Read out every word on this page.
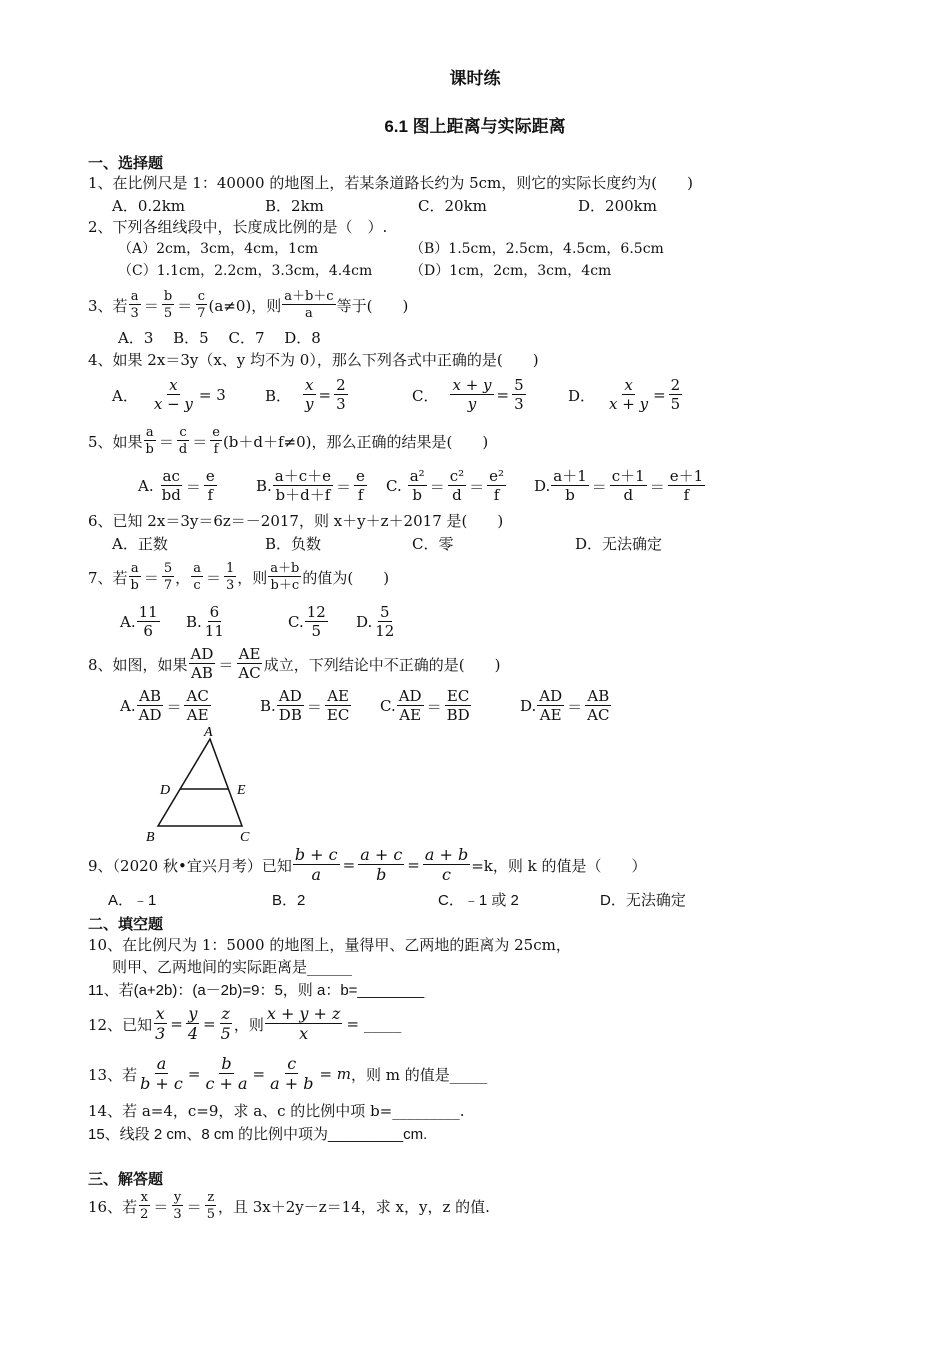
课时练
6.1 图上距离与实际距离
一、选择题
1、在比例尺是 1：40000 的地图上，若某条道路长约为 5cm，则它的实际长度约为(　　)
A．0.2km	B．2km	C．20km	D．200km
2、下列各组线段中，长度成比例的是（　）.
（A）2cm，3cm，4cm，1cm	（B）1.5cm，2.5cm，4.5cm，6.5cm
（C）1.1cm，2.2cm，3.3cm，4.4cm	（D）1cm，2cm，3cm，4cm
3、若 a
3 ＝ b
5 ＝ c
7 (a≠0)，则 a＋b＋c
a 等于(　　)
A．3　 B．5　 C．7　 D．8
4、如果 2x＝3y（x、y 均不为 0），那么下列各式中正确的是(　　)
A． $\frac{x}{x - y} = 3$	B． $\frac{x}{y} = \frac{2}{3}$	C． $\frac{x + y}{y} = \frac{5}{3}$	D． $\frac{x}{x + y} = \frac{2}{5}$
5、如果 a
b ＝ c
d ＝ e
f (b＋d＋f≠0)，那么正确的结果是(　　)
A.
ac
bd ＝
e
f	B.
a＋c＋e
b＋d＋f ＝
e
f C.
a²
b ＝
c²
d ＝
e²
f D.
a＋1
b ＝
c＋1
d ＝
e＋1
f
6、已知 2x＝3y＝6z＝－2017，则 x＋y＋z＋2017 是(　　)
A．正数	B．负数	C．零	D．无法确定
7、若 a
b ＝ 5
7 ， a
c ＝ 1
3 ，则 a＋b
b＋c 的值为(　　)
A.
11
6 B.
6
11	C.
12
5 D.
5
12
8、如图，如果
AD
AB ＝
AE
AC 成立，下列结论中不正确的是(　　)
A.
AB
AD ＝
AC
AE	B.
AD
DB ＝
AE
EC C.
AD
AE ＝
EC
BD	D.
AD
AE ＝
AB
AC
A
D	E
B	C
9、（2020 秋•宜兴月考）已知 $\frac{b + c}{a} = \frac{a + c}{b} = \frac{a + b}{c} =k$，则 k 的值是（　　）
A．﹣1	B．2	C．﹣1 或 2	D．无法确定
二、填空题
10、在比例尺为 1：5000 的地图上，量得甲、乙两地的距离为 25cm，
则甲、乙两地间的实际距离是______
11、若(a+2b)：(a－2b)=9：5，则 a：b=________
12、已知 $\frac{x}{3} = \frac{y}{4} = \frac{z}{5}$ ，则 $\frac{x + y + z}{x}$ = _____
13、若 $\frac{a}{b + c} = \frac{b}{c + a} = \frac{c}{a + b} = m$ ，则 m 的值是_____
14、若 a=4，c=9，求 a、c 的比例中项 b=_________.
15、线段 2 cm、8 cm 的比例中项为_________cm.
三、解答题
16、若 x
2 ＝ y
3 ＝ z
5 ，且 3x＋2y－z＝14，求 x，y，z 的值.
